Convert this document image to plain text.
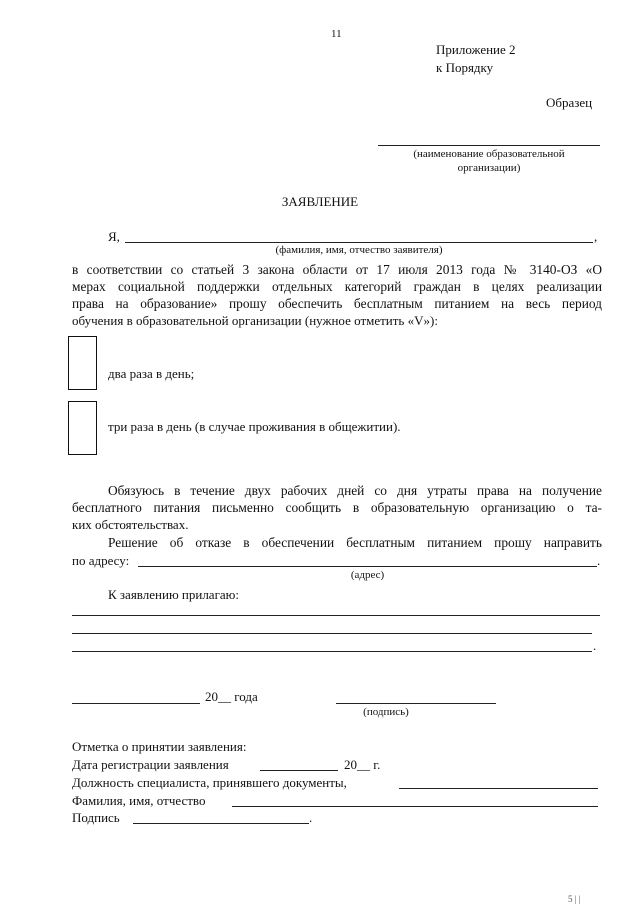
11
Приложение 2
к Порядку
Образец
(наименование образовательной
организации)
ЗАЯВЛЕНИЕ
Я,	,
(фамилия, имя, отчество заявителя)
в соответствии со статьей 3 закона области от 17 июля 2013 года № 3140-ОЗ «О
мерах социальной поддержки отдельных категорий граждан в целях реализации
права на образование» прошу обеспечить бесплатным питанием на весь период
обучения в образовательной организации (нужное отметить «V»):
два раза в день;
три раза в день (в случае проживания в общежитии).
Обязуюсь в течение двух рабочих дней со дня утраты права на получение
бесплатного питания письменно сообщить в образовательную организацию о та-
ких обстоятельствах.
Решение об отказе в обеспечении бесплатным питанием прошу направить
по адресу:	.
(адрес)
К заявлению прилагаю:
.
20__ года
(подпись)
Отметка о принятии заявления:
Дата регистрации заявления	20__ г.
Должность специалиста, принявшего документы,
Фамилия, имя, отчество
Подпись	.
5 | |
